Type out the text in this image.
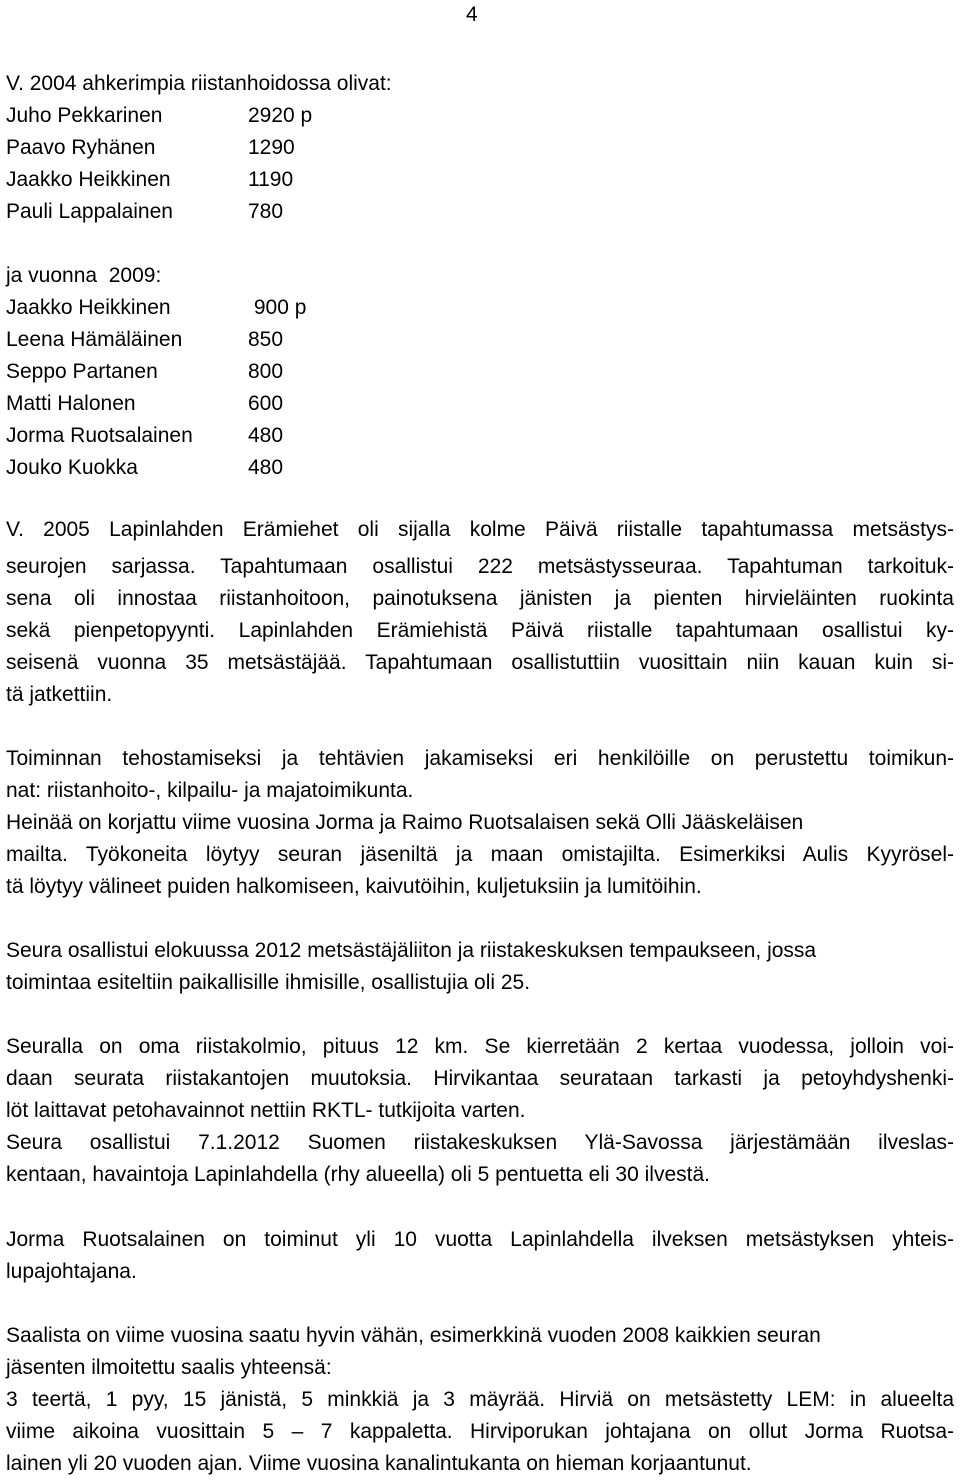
4
V. 2004 ahkerimpia riistanhoidossa olivat:
Juho Pekkarinen	2920 p
Paavo Ryhänen	1290
Jaakko Heikkinen	1190
Pauli Lappalainen	780
ja vuonna  2009:
Jaakko Heikkinen	900 p
Leena Hämäläinen	850
Seppo Partanen	800
Matti Halonen	600
Jorma Ruotsalainen	480
Jouko Kuokka	480
V. 2005 Lapinlahden Erämiehet oli sijalla kolme Päivä riistalle tapahtumassa metsästys-
seurojen sarjassa. Tapahtumaan osallistui 222 metsästysseuraa. Tapahtuman tarkoituk-
sena oli innostaa riistanhoitoon, painotuksena jänisten ja pienten hirvieläinten ruokinta
sekä pienpetopyynti. Lapinlahden Erämiehistä Päivä riistalle tapahtumaan osallistui ky-
seisenä vuonna 35 metsästäjää. Tapahtumaan osallistuttiin vuosittain niin kauan kuin si-
tä jatkettiin.
Toiminnan tehostamiseksi ja tehtävien jakamiseksi eri henkilöille on perustettu toimikun-
nat: riistanhoito-, kilpailu- ja majatoimikunta.
Heinää on korjattu viime vuosina Jorma ja Raimo Ruotsalaisen sekä Olli Jääskeläisen
mailta. Työkoneita löytyy seuran jäseniltä ja maan omistajilta. Esimerkiksi Aulis Kyyrösel-
tä löytyy välineet puiden halkomiseen, kaivutöihin, kuljetuksiin ja lumitöihin.
Seura osallistui elokuussa 2012 metsästäjäliiton ja riistakeskuksen tempaukseen, jossa
toimintaa esiteltiin paikallisille ihmisille, osallistujia oli 25.
Seuralla on oma riistakolmio, pituus 12 km. Se kierretään 2 kertaa vuodessa, jolloin voi-
daan seurata riistakantojen muutoksia. Hirvikantaa seurataan tarkasti ja petoyhdyshenki-
löt laittavat petohavainnot nettiin RKTL- tutkijoita varten.
Seura osallistui 7.1.2012 Suomen riistakeskuksen Ylä-Savossa järjestämään ilveslas-
kentaan, havaintoja Lapinlahdella (rhy alueella) oli 5 pentuetta eli 30 ilvestä.
Jorma Ruotsalainen on toiminut yli 10 vuotta Lapinlahdella ilveksen metsästyksen yhteis-
lupajohtajana.
Saalista on viime vuosina saatu hyvin vähän, esimerkkinä vuoden 2008 kaikkien seuran
jäsenten ilmoitettu saalis yhteensä:
3 teertä, 1 pyy, 15 jänistä, 5 minkkiä ja 3 mäyrää. Hirviä on metsästetty LEM: in alueelta
viime aikoina vuosittain 5 – 7 kappaletta. Hirviporukan johtajana on ollut Jorma Ruotsa-
lainen yli 20 vuoden ajan. Viime vuosina kanalintukanta on hieman korjaantunut.
